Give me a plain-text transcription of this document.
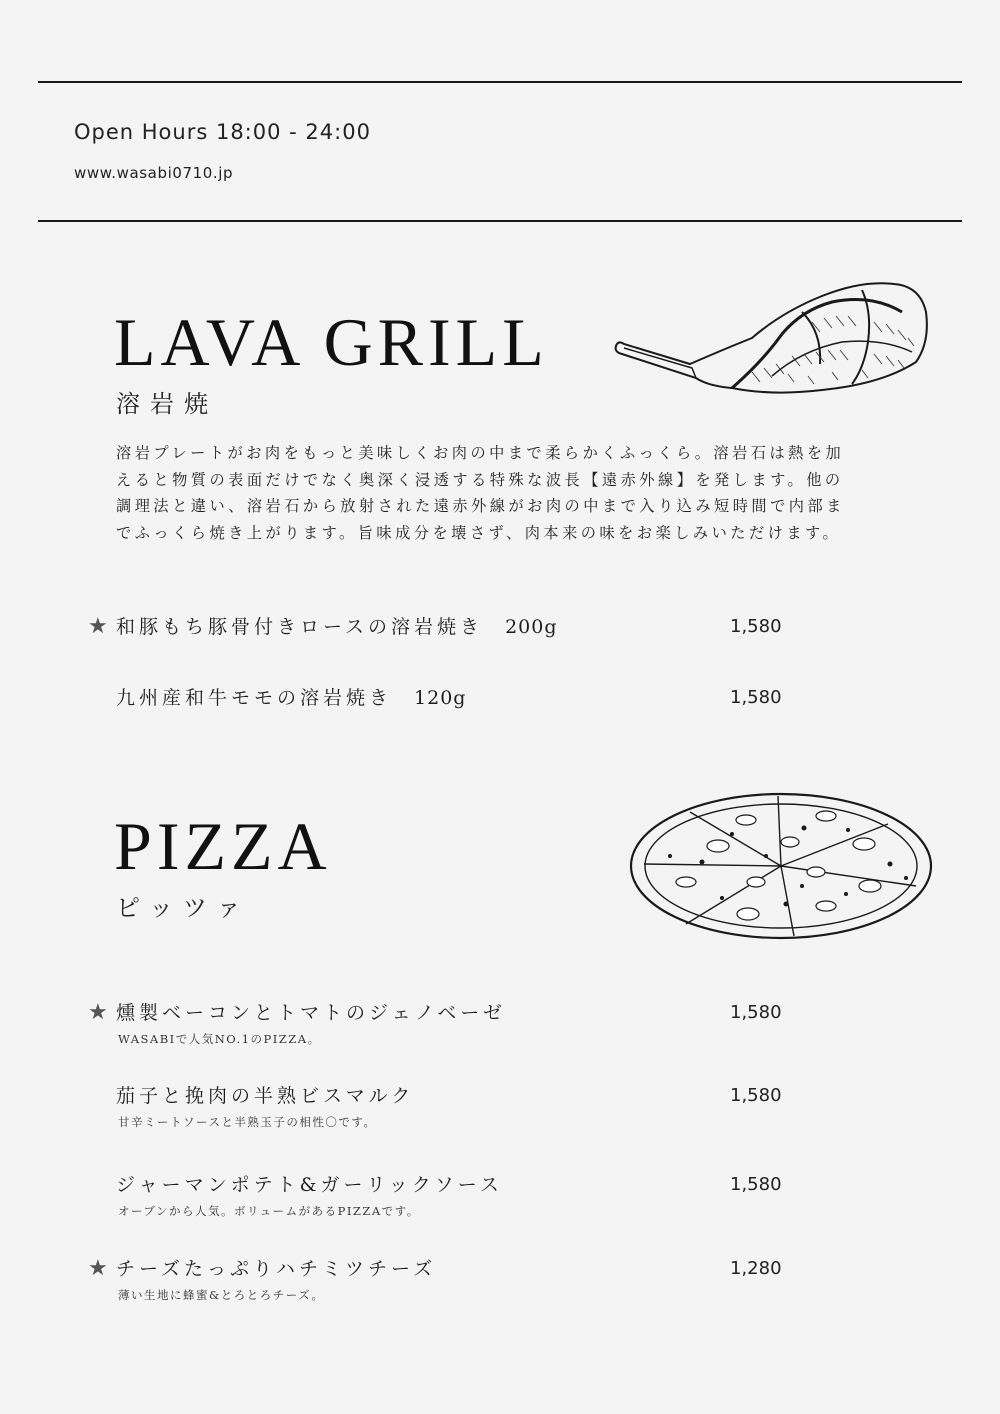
Open Hours 18:00 - 24:00
www.wasabi0710.jp
LAVA GRILL
溶岩焼
溶岩プレートがお肉をもっと美味しくお肉の中まで柔らかくふっくら。溶岩石は熱を加
えると物質の表面だけでなく奥深く浸透する特殊な波長【遠赤外線】を発します。他の
調理法と違い、溶岩石から放射された遠赤外線がお肉の中まで入り込み短時間で内部ま
でふっくら焼き上がります。旨味成分を壊さず、肉本来の味をお楽しみいただけます。
★ 和豚もち豚骨付きロースの溶岩焼き 200g	1,580
九州産和牛モモの溶岩焼き 120g	1,580
PIZZA
ピッツァ
★ 燻製ベーコンとトマトのジェノベーゼ	1,580
WASABIで人気NO.1のPIZZA。
茄子と挽肉の半熟ビスマルク	1,580
甘辛ミートソースと半熟玉子の相性〇です。
ジャーマンポテト&ガーリックソース	1,580
オーブンから人気。ボリュームがあるPIZZAです。
★ チーズたっぷりハチミツチーズ	1,280
薄い生地に蜂蜜&とろとろチーズ。
